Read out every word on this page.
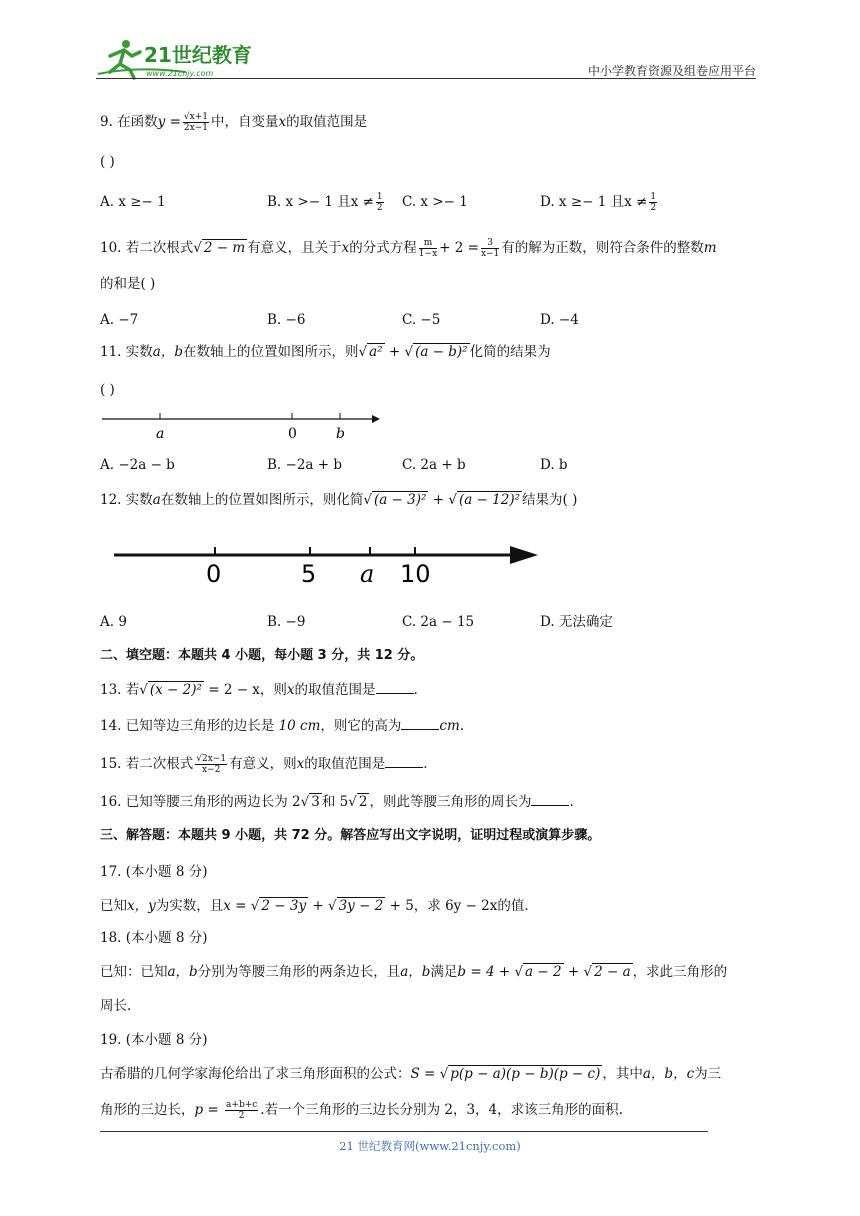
21世纪教育
www.21cnjy.com	中小学教育资源及组卷应用平台
9. 在函数$y = \frac{√x+1}{2x-1}$ 中，自变量x的取值范围是
( )
A. x ≥− 1	B. x >− 1 且$x \ne \frac{1}{2} C$. x >− 1	D. x ≥− 1 且$x \ne \frac{1}{2}$
10. 若二次根式√ 2 − m 有意义，且关于x的分式方程 $\frac{m}{1-x} + 2 = \frac{3}{x-1}$ 有的解为正数，则符合条件的整数m
的和是( )
A. −7	B. −6	C. −5	D. −4
11. 实数a，b在数轴上的位置如图所示，则√ a² + √ (a − b)² 化简的结果为
( )
a	0	b
A. −2a − b	B. −2a + b	C. 2a + b	D. b
12. 实数a在数轴上的位置如图所示，则化简√ (a − 3)² + √ (a − 12)² 结果为( )
0	5 a 10
A. 9	B. −9	C. 2a − 15	D. 无法确定
二、填空题：本题共 4 小题，每小题 3 分，共 12 分。
13. 若√ (x − 2)² = 2 − x，则x的取值范围是	.
14. 已知等边三角形的边长是 10 cm，则它的高为	cm.
15. 若二次根式 $\frac{√2x-1}{x-2}$ 有意义，则x的取值范围是	.
16. 已知等腰三角形的两边长为 2√ 3 和 5√ 2 ，则此等腰三角形的周长为	.
三、解答题：本题共 9 小题，共 72 分。解答应写出文字说明，证明过程或演算步骤。
17. (本小题 8 分)
已知x，y为实数，且x = √ 2 − 3y + √ 3y − 2 + 5，求 6y − 2x的值.
18. (本小题 8 分)
已知：已知a，b分别为等腰三角形的两条边长，且a，b满足b = 4 + √ a − 2 + √ 2 − a ，求此三角形的
周长.
19. (本小题 8 分)
古希腊的几何学家海伦给出了求三角形面积的公式：S = √ p(p − a)(p − b)(p − c) ，其中a，b，c为三
角形的三边长，$p = \frac{a+b+c}{2}$ .若一个三角形的三边长分别为 2，3，4，求该三角形的面积.
21 世纪教育网(www.21cnjy.com)
